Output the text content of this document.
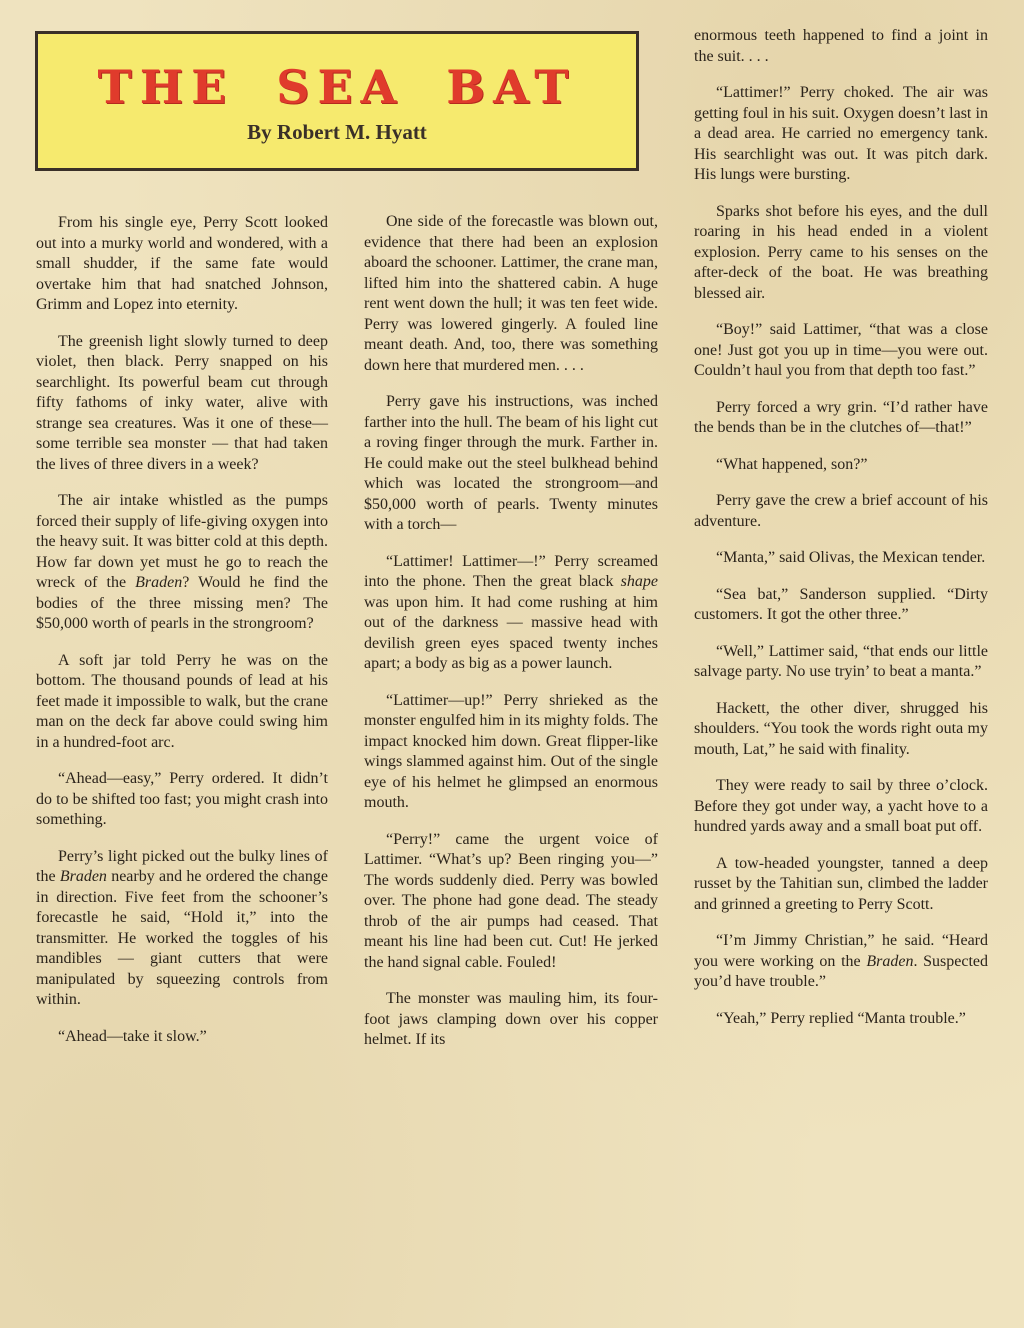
THE SEA BAT
By Robert M. Hyatt

From his single eye, Perry Scott looked out into a murky world and wondered, with a small shudder, if the same fate would overtake him that had snatched Johnson, Grimm and Lopez into eternity.

The greenish light slowly turned to deep violet, then black. Perry snapped on his searchlight. Its powerful beam cut through fifty fathoms of inky water, alive with strange sea creatures. Was it one of these—some terrible sea monster — that had taken the lives of three divers in a week?

The air intake whistled as the pumps forced their supply of life-giving oxygen into the heavy suit. It was bitter cold at this depth. How far down yet must he go to reach the wreck of the Braden? Would he find the bodies of the three missing men? The $50,000 worth of pearls in the strongroom?

A soft jar told Perry he was on the bottom. The thousand pounds of lead at his feet made it impossible to walk, but the crane man on the deck far above could swing him in a hundred-foot arc.

“Ahead—easy,” Perry ordered. It didn’t do to be shifted too fast; you might crash into something.

Perry’s light picked out the bulky lines of the Braden nearby and he ordered the change in direction. Five feet from the schooner’s forecastle he said, “Hold it,” into the transmitter. He worked the toggles of his mandibles — giant cutters that were manipulated by squeezing controls from within.

“Ahead—take it slow.”

One side of the forecastle was blown out, evidence that there had been an explosion aboard the schooner. Lattimer, the crane man, lifted him into the shattered cabin. A huge rent went down the hull; it was ten feet wide. Perry was lowered gingerly. A fouled line meant death. And, too, there was something down here that murdered men. . . .

Perry gave his instructions, was inched farther into the hull. The beam of his light cut a roving finger through the murk. Farther in. He could make out the steel bulkhead behind which was located the strongroom—and $50,000 worth of pearls. Twenty minutes with a torch—

“Lattimer! Lattimer—!” Perry screamed into the phone. Then the great black shape was upon him. It had come rushing at him out of the darkness — massive head with devilish green eyes spaced twenty inches apart; a body as big as a power launch.

“Lattimer—up!” Perry shrieked as the monster engulfed him in its mighty folds. The impact knocked him down. Great flipper-like wings slammed against him. Out of the single eye of his helmet he glimpsed an enormous mouth.

“Perry!” came the urgent voice of Lattimer. “What’s up? Been ringing you—” The words suddenly died. Perry was bowled over. The phone had gone dead. The steady throb of the air pumps had ceased. That meant his line had been cut. Cut! He jerked the hand signal cable. Fouled!

The monster was mauling him, its four-foot jaws clamping down over his copper helmet. If its

enormous teeth happened to find a joint in the suit. . . .

“Lattimer!” Perry choked. The air was getting foul in his suit. Oxygen doesn’t last in a dead area. He carried no emergency tank. His searchlight was out. It was pitch dark. His lungs were bursting.

Sparks shot before his eyes, and the dull roaring in his head ended in a violent explosion. Perry came to his senses on the after-deck of the boat. He was breathing blessed air.

“Boy!” said Lattimer, “that was a close one! Just got you up in time—you were out. Couldn’t haul you from that depth too fast.”

Perry forced a wry grin. “I’d rather have the bends than be in the clutches of—that!”

“What happened, son?”

Perry gave the crew a brief account of his adventure.

“Manta,” said Olivas, the Mexican tender.

“Sea bat,” Sanderson supplied. “Dirty customers. It got the other three.”

“Well,” Lattimer said, “that ends our little salvage party. No use tryin’ to beat a manta.”

Hackett, the other diver, shrugged his shoulders. “You took the words right outa my mouth, Lat,” he said with finality.

They were ready to sail by three o’clock. Before they got under way, a yacht hove to a hundred yards away and a small boat put off.

A tow-headed youngster, tanned a deep russet by the Tahitian sun, climbed the ladder and grinned a greeting to Perry Scott.

“I’m Jimmy Christian,” he said. “Heard you were working on the Braden. Suspected you’d have trouble.”

“Yeah,” Perry replied “Manta trouble.”
